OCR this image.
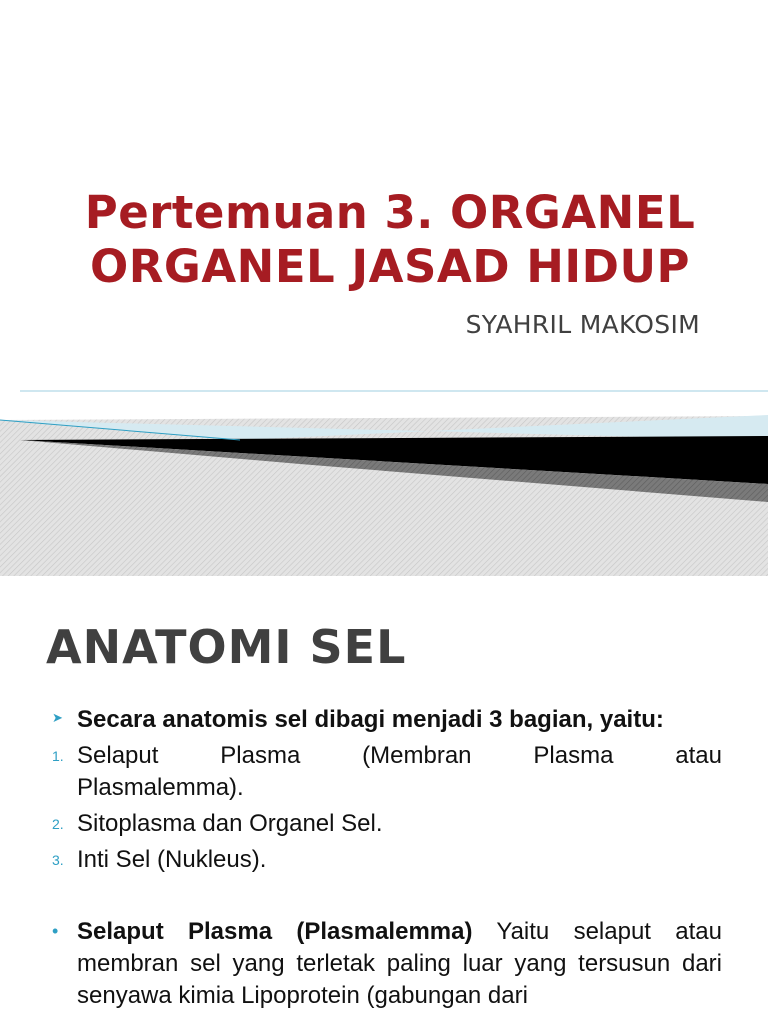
Pertemuan 3. ORGANEL ORGANEL JASAD HIDUP
SYAHRIL MAKOSIM
ANATOMI SEL
➤ Secara anatomis sel dibagi menjadi 3 bagian, yaitu:
1. Selaput Plasma (Membran Plasma atau
Plasmalemma).
2. Sitoplasma dan Organel Sel.
3. Inti Sel (Nukleus).
• Selaput Plasma (Plasmalemma) Yaitu selaput atau membran sel yang terletak paling luar yang tersusun dari senyawa kimia Lipoprotein (gabungan dari
